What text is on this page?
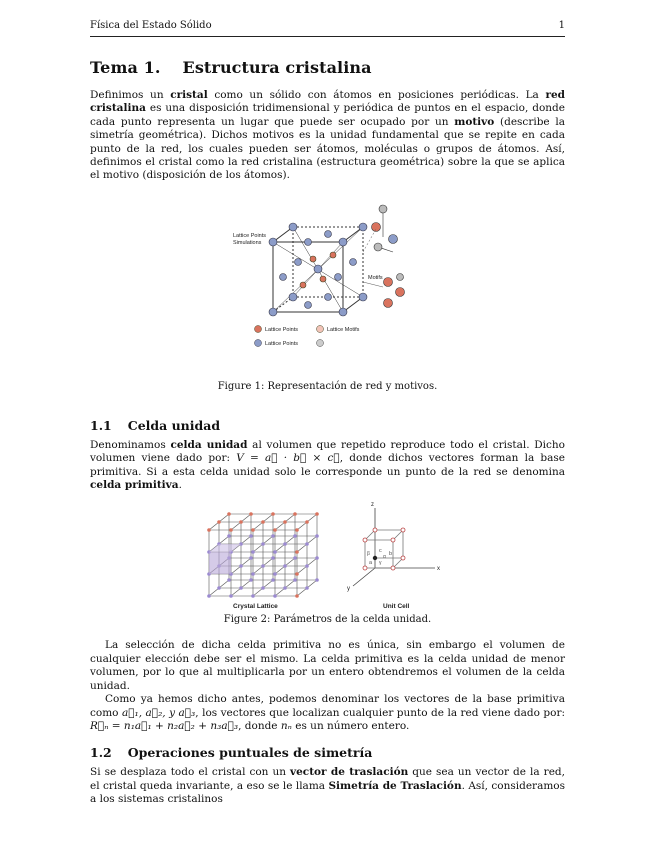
Física del Estado Sólido	1
Tema 1. Estructura cristalina

Definimos un cristal como un sólido con átomos en posiciones periódicas. La red cristalina es una disposición tridimensional y periódica de puntos en el espacio, donde cada punto representa un lugar que puede ser ocupado por un motivo (describe la simetría geométrica). Dichos motivos es la unidad fundamental que se repite en cada punto de la red, los cuales pueden ser átomos, moléculas o grupos de átomos. Así, definimos el cristal como la red cristalina (estructura geométrica) sobre la que se aplica el motivo (disposición de los átomos).

Lattice Points
Simulations
Motifs
Lattice Points	Lattice Motifs
Lattice Points
Figure 1: Representación de red y motivos.
1.1 Celda unidad

Denominamos celda unidad al volumen que repetido reproduce todo el cristal. Dicho volumen viene dado por: V = a⃗ · b⃗ × c⃗, donde dichos vectores forman la base primitiva. Si a esta celda unidad solo le corresponde un punto de la red se denomina celda primitiva.

Crystal Lattice
z
x
y
c
β	α
γ
b
a
Unit Cell
Figure 2: Parámetros de la celda unidad.

La selección de dicha celda primitiva no es única, sin embargo el volumen de cualquier elección debe ser el mismo. La celda primitiva es la celda unidad de menor volumen, por lo que al multiplicarla por un entero obtendremos el volumen de la celda unidad.

Como ya hemos dicho antes, podemos denominar los vectores de la base primitiva como a⃗₁, a⃗₂, y a⃗₃, los vectores que localizan cualquier punto de la red viene dado por: R⃗ₙ = n₁a⃗₁ + n₂a⃗₂ + n₃a⃗₃, donde nₙ es un número entero.

1.2 Operaciones puntuales de simetría

Si se desplaza todo el cristal con un vector de traslación que sea un vector de la red, el cristal queda invariante, a eso se le llama Simetría de Traslación. Así, consideramos a los sistemas cristalinos
